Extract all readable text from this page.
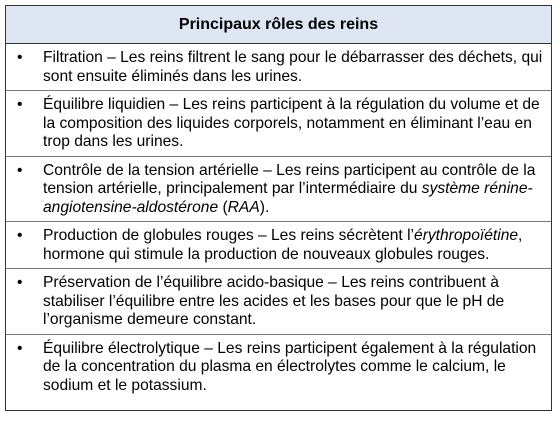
Principaux rôles des reins
•	Filtration – Les reins filtrent le sang pour le débarrasser des déchets, qui sont ensuite éliminés dans les urines.
•	Équilibre liquidien – Les reins participent à la régulation du volume et de la composition des liquides corporels, notamment en éliminant l’eau en trop dans les urines.
•	Contrôle de la tension artérielle – Les reins participent au contrôle de la tension artérielle, principalement par l’intermédiaire du système rénine-angiotensine-aldostérone (RAA).
•	Production de globules rouges – Les reins sécrètent l’érythropoïétine, hormone qui stimule la production de nouveaux globules rouges.
•	Préservation de l’équilibre acido-basique – Les reins contribuent à stabiliser l’équilibre entre les acides et les bases pour que le pH de l’organisme demeure constant.
•	Équilibre électrolytique – Les reins participent également à la régulation de la concentration du plasma en électrolytes comme le calcium, le sodium et le potassium.
